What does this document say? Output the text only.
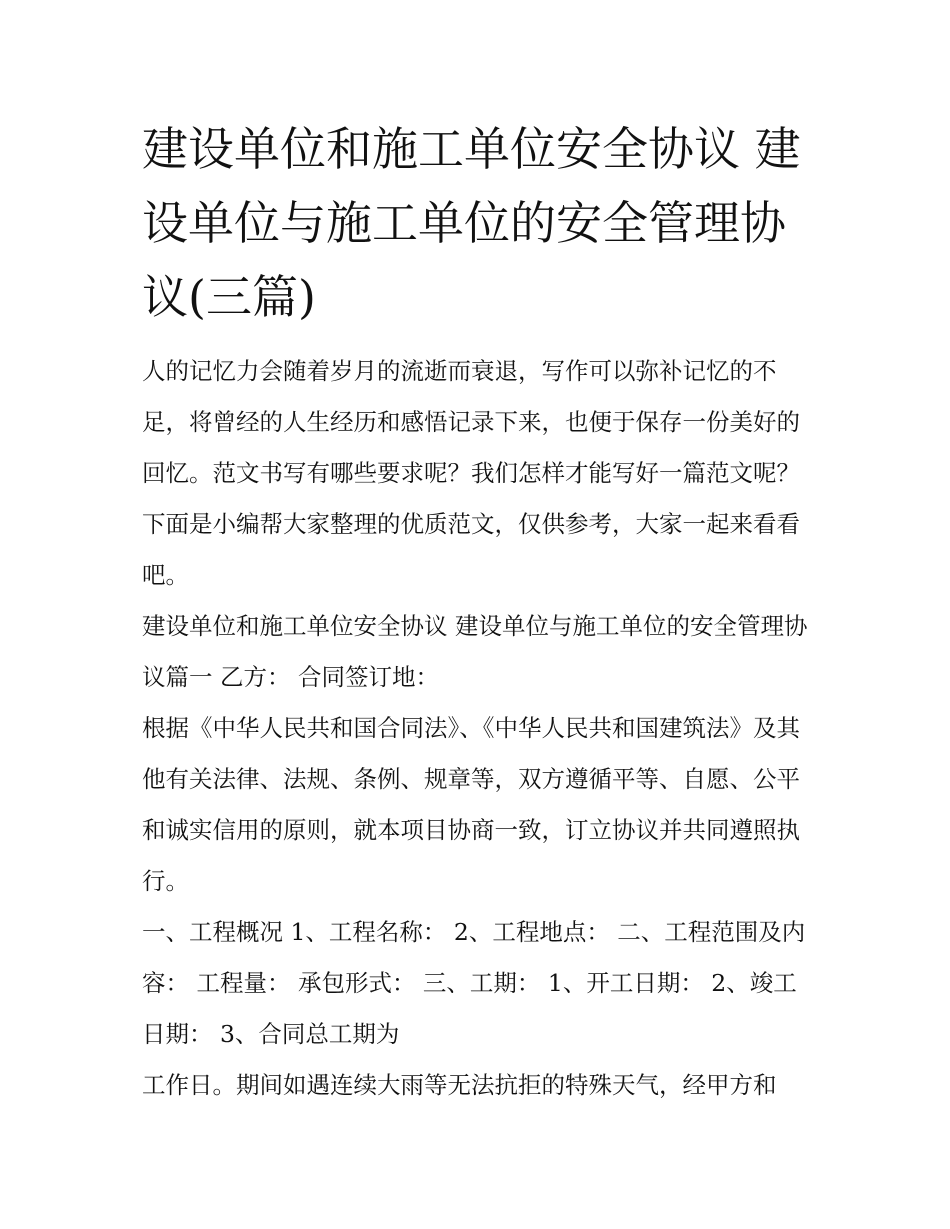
建设单位和施工单位安全协议 建设单位与施工单位的安全管理协议(三篇)

人的记忆力会随着岁月的流逝而衰退，写作可以弥补记忆的不足，将曾经的人生经历和感悟记录下来，也便于保存一份美好的回忆。范文书写有哪些要求呢？我们怎样才能写好一篇范文呢？下面是小编帮大家整理的优质范文，仅供参考，大家一起来看看吧。

建设单位和施工单位安全协议 建设单位与施工单位的安全管理协议篇一 乙方： 合同签订地：

根据《中华人民共和国合同法》、《中华人民共和国建筑法》及其他有关法律、法规、条例、规章等，双方遵循平等、自愿、公平和诚实信用的原则，就本项目协商一致，订立协议并共同遵照执行。

一、工程概况 1、工程名称： 2、工程地点： 二、工程范围及内容： 工程量： 承包形式： 三、工期： 1、开工日期： 2、竣工日期： 3、合同总工期为

工作日。期间如遇连续大雨等无法抗拒的特殊天气，经甲方和
